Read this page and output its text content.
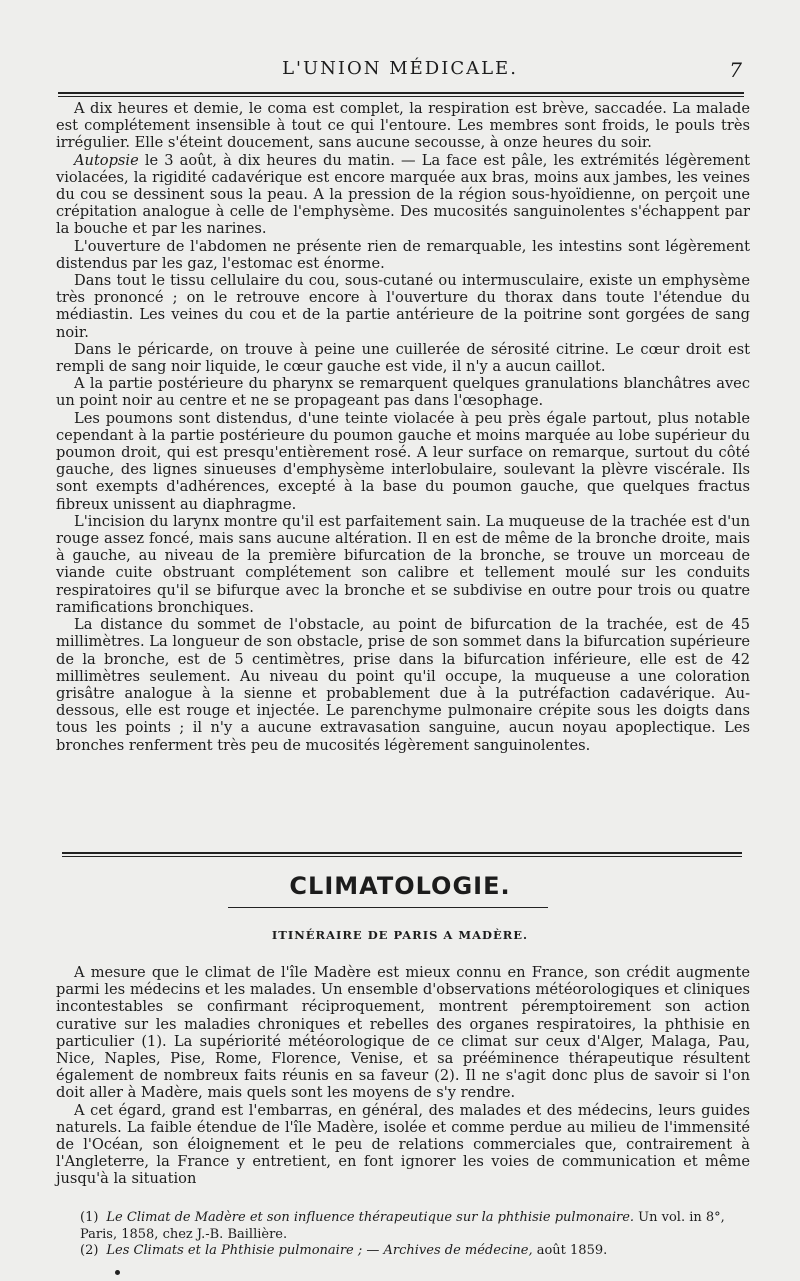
L'UNION MÉDICALE.	7

A dix heures et demie, le coma est complet, la respiration est brève, saccadée. La malade est complétement insensible à tout ce qui l'entoure. Les membres sont froids, le pouls très irrégulier. Elle s'éteint doucement, sans aucune secousse, à onze heures du soir.

Autopsie le 3 août, à dix heures du matin. — La face est pâle, les extrémités légèrement violacées, la rigidité cadavérique est encore marquée aux bras, moins aux jambes, les veines du cou se dessinent sous la peau. A la pression de la région sous-hyoïdienne, on perçoit une crépitation analogue à celle de l'emphysème. Des mucosités sanguinolentes s'échappent par la bouche et par les narines.

L'ouverture de l'abdomen ne présente rien de remarquable, les intestins sont légèrement distendus par les gaz, l'estomac est énorme.

Dans tout le tissu cellulaire du cou, sous-cutané ou intermusculaire, existe un emphysème très prononcé ; on le retrouve encore à l'ouverture du thorax dans toute l'étendue du médiastin. Les veines du cou et de la partie antérieure de la poitrine sont gorgées de sang noir.

Dans le péricarde, on trouve à peine une cuillerée de sérosité citrine. Le cœur droit est rempli de sang noir liquide, le cœur gauche est vide, il n'y a aucun caillot.

A la partie postérieure du pharynx se remarquent quelques granulations blanchâtres avec un point noir au centre et ne se propageant pas dans l'œsophage.

Les poumons sont distendus, d'une teinte violacée à peu près égale partout, plus notable cependant à la partie postérieure du poumon gauche et moins marquée au lobe supérieur du poumon droit, qui est presqu'entièrement rosé. A leur surface on remarque, surtout du côté gauche, des lignes sinueuses d'emphysème interlobulaire, soulevant la plèvre viscérale. Ils sont exempts d'adhérences, excepté à la base du poumon gauche, que quelques fractus fibreux unissent au diaphragme.

L'incision du larynx montre qu'il est parfaitement sain. La muqueuse de la trachée est d'un rouge assez foncé, mais sans aucune altération. Il en est de même de la bronche droite, mais à gauche, au niveau de la première bifurcation de la bronche, se trouve un morceau de viande cuite obstruant complétement son calibre et tellement moulé sur les conduits respiratoires qu'il se bifurque avec la bronche et se subdivise en outre pour trois ou quatre ramifications bronchiques.

La distance du sommet de l'obstacle, au point de bifurcation de la trachée, est de 45 millimètres. La longueur de son obstacle, prise de son sommet dans la bifurcation supérieure de la bronche, est de 5 centimètres, prise dans la bifurcation inférieure, elle est de 42 millimètres seulement. Au niveau du point qu'il occupe, la muqueuse a une coloration grisâtre analogue à la sienne et probablement due à la putréfaction cadavérique. Au-dessous, elle est rouge et injectée. Le parenchyme pulmonaire crépite sous les doigts dans tous les points ; il n'y a aucune extravasation sanguine, aucun noyau apoplectique. Les bronches renferment très peu de mucosités légèrement sanguinolentes.

CLIMATOLOGIE.
ITINÉRAIRE DE PARIS A MADÈRE.

A mesure que le climat de l'île Madère est mieux connu en France, son crédit augmente parmi les médecins et les malades. Un ensemble d'observations météorologiques et cliniques incontestables se confirmant réciproquement, montrent péremptoirement son action curative sur les maladies chroniques et rebelles des organes respiratoires, la phthisie en particulier (1). La supériorité météorologique de ce climat sur ceux d'Alger, Malaga, Pau, Nice, Naples, Pise, Rome, Florence, Venise, et sa prééminence thérapeutique résultent également de nombreux faits réunis en sa faveur (2). Il ne s'agit donc plus de savoir si l'on doit aller à Madère, mais quels sont les moyens de s'y rendre.

A cet égard, grand est l'embarras, en général, des malades et des médecins, leurs guides naturels. La faible étendue de l'île Madère, isolée et comme perdue au milieu de l'immensité de l'Océan, son éloignement et le peu de relations commerciales que, contrairement à l'Angleterre, la France y entretient, en font ignorer les voies de communication et même jusqu'à la situation

(1) Le Climat de Madère et son influence thérapeutique sur la phthisie pulmonaire. Un vol. in 8°, Paris, 1858, chez J.-B. Baillière.

(2) Les Climats et la Phthisie pulmonaire ; — Archives de médecine, août 1859.
